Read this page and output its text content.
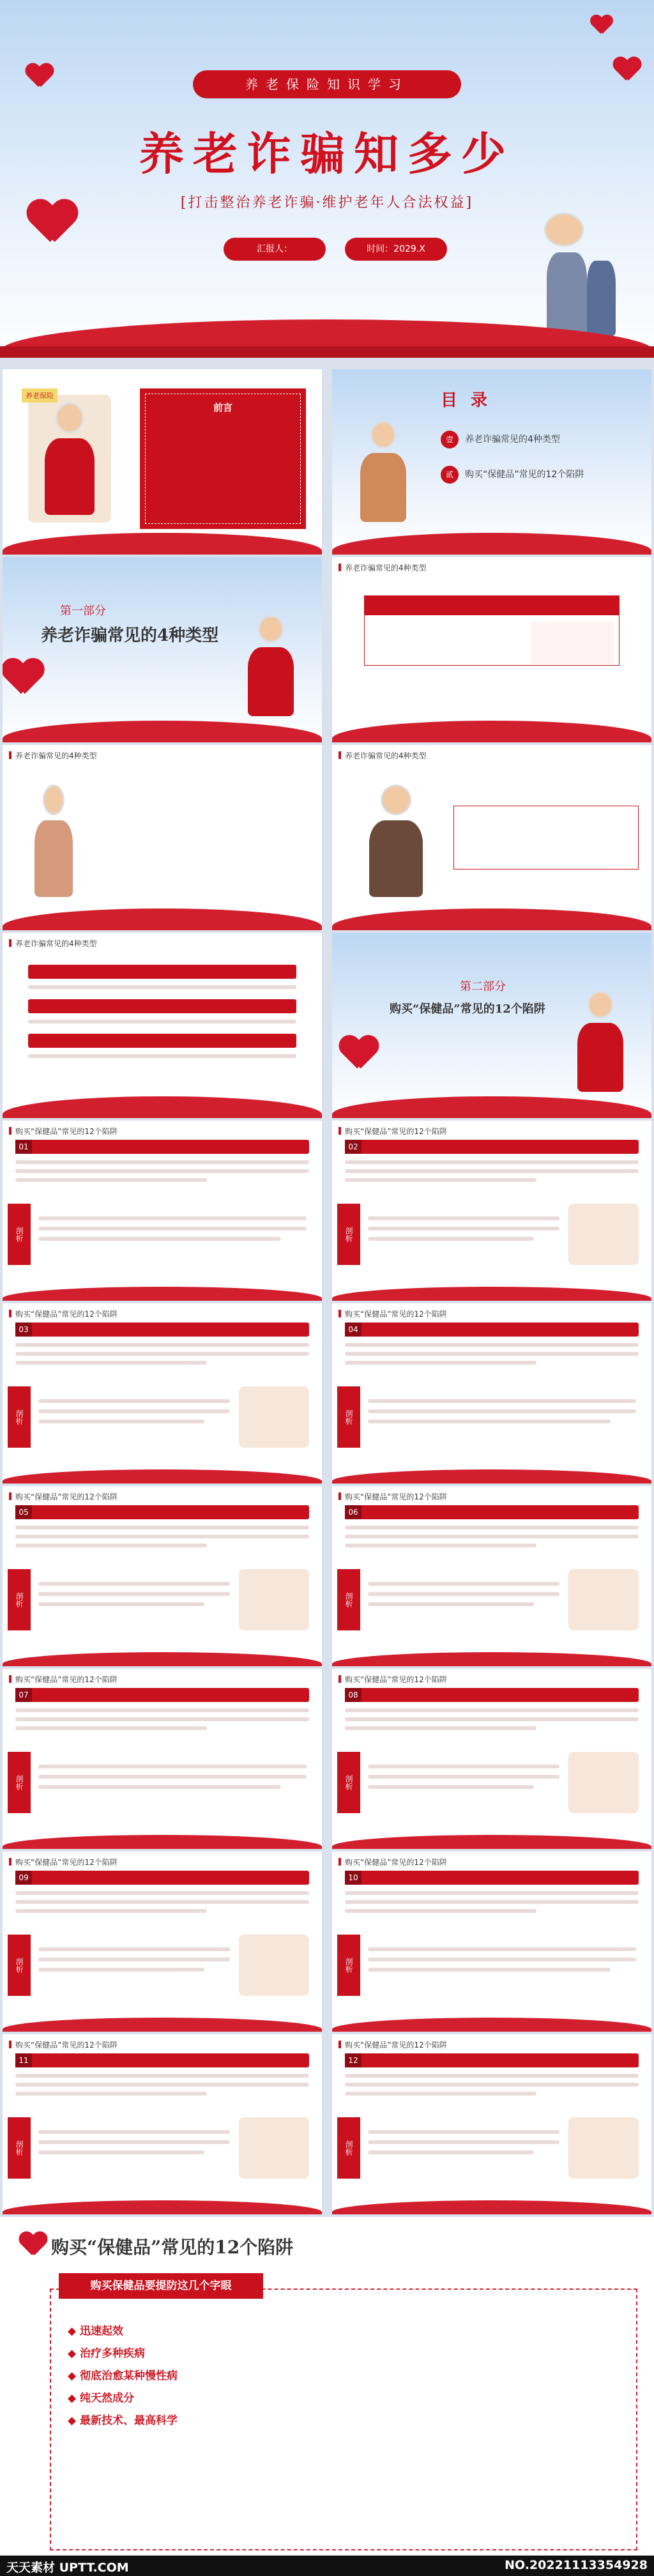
养老保险知识学习
养老诈骗知多少
[打击整治养老诈骗·维护老年人合法权益]
汇报人：	时间：2029.X
养老保险
前言	目 录
壹 养老诈骗常见的4种类型
贰 购买“保健品”常见的12个陷阱
第一部分
养老诈骗常见的4种类型
养老诈骗常见的4种类型
养老诈骗常见的4种类型	养老诈骗常见的4种类型
养老诈骗常见的4种类型
第二部分
购买“保健品”常见的12个陷阱
购买“保健品”常见的12个陷阱
01
剖析
购买“保健品”常见的12个陷阱
02
剖析
购买“保健品”常见的12个陷阱
03
剖析
购买“保健品”常见的12个陷阱
04
剖析
购买“保健品”常见的12个陷阱
05
剖析
购买“保健品”常见的12个陷阱
06
剖析
购买“保健品”常见的12个陷阱
07
剖析
购买“保健品”常见的12个陷阱
08
剖析
购买“保健品”常见的12个陷阱
09
剖析
购买“保健品”常见的12个陷阱
10
剖析
购买“保健品”常见的12个陷阱
11
剖析
购买“保健品”常见的12个陷阱
12
剖析
购买“保健品”常见的12个陷阱
◆ 迅速起效
◆ 治疗多种疾病
◆ 彻底治愈某种慢性病
◆ 纯天然成分
◆ 最新技术、最高科学
购买保健品要提防这几个字眼
天天素材 UPTT.COM	NO.20221113354928
